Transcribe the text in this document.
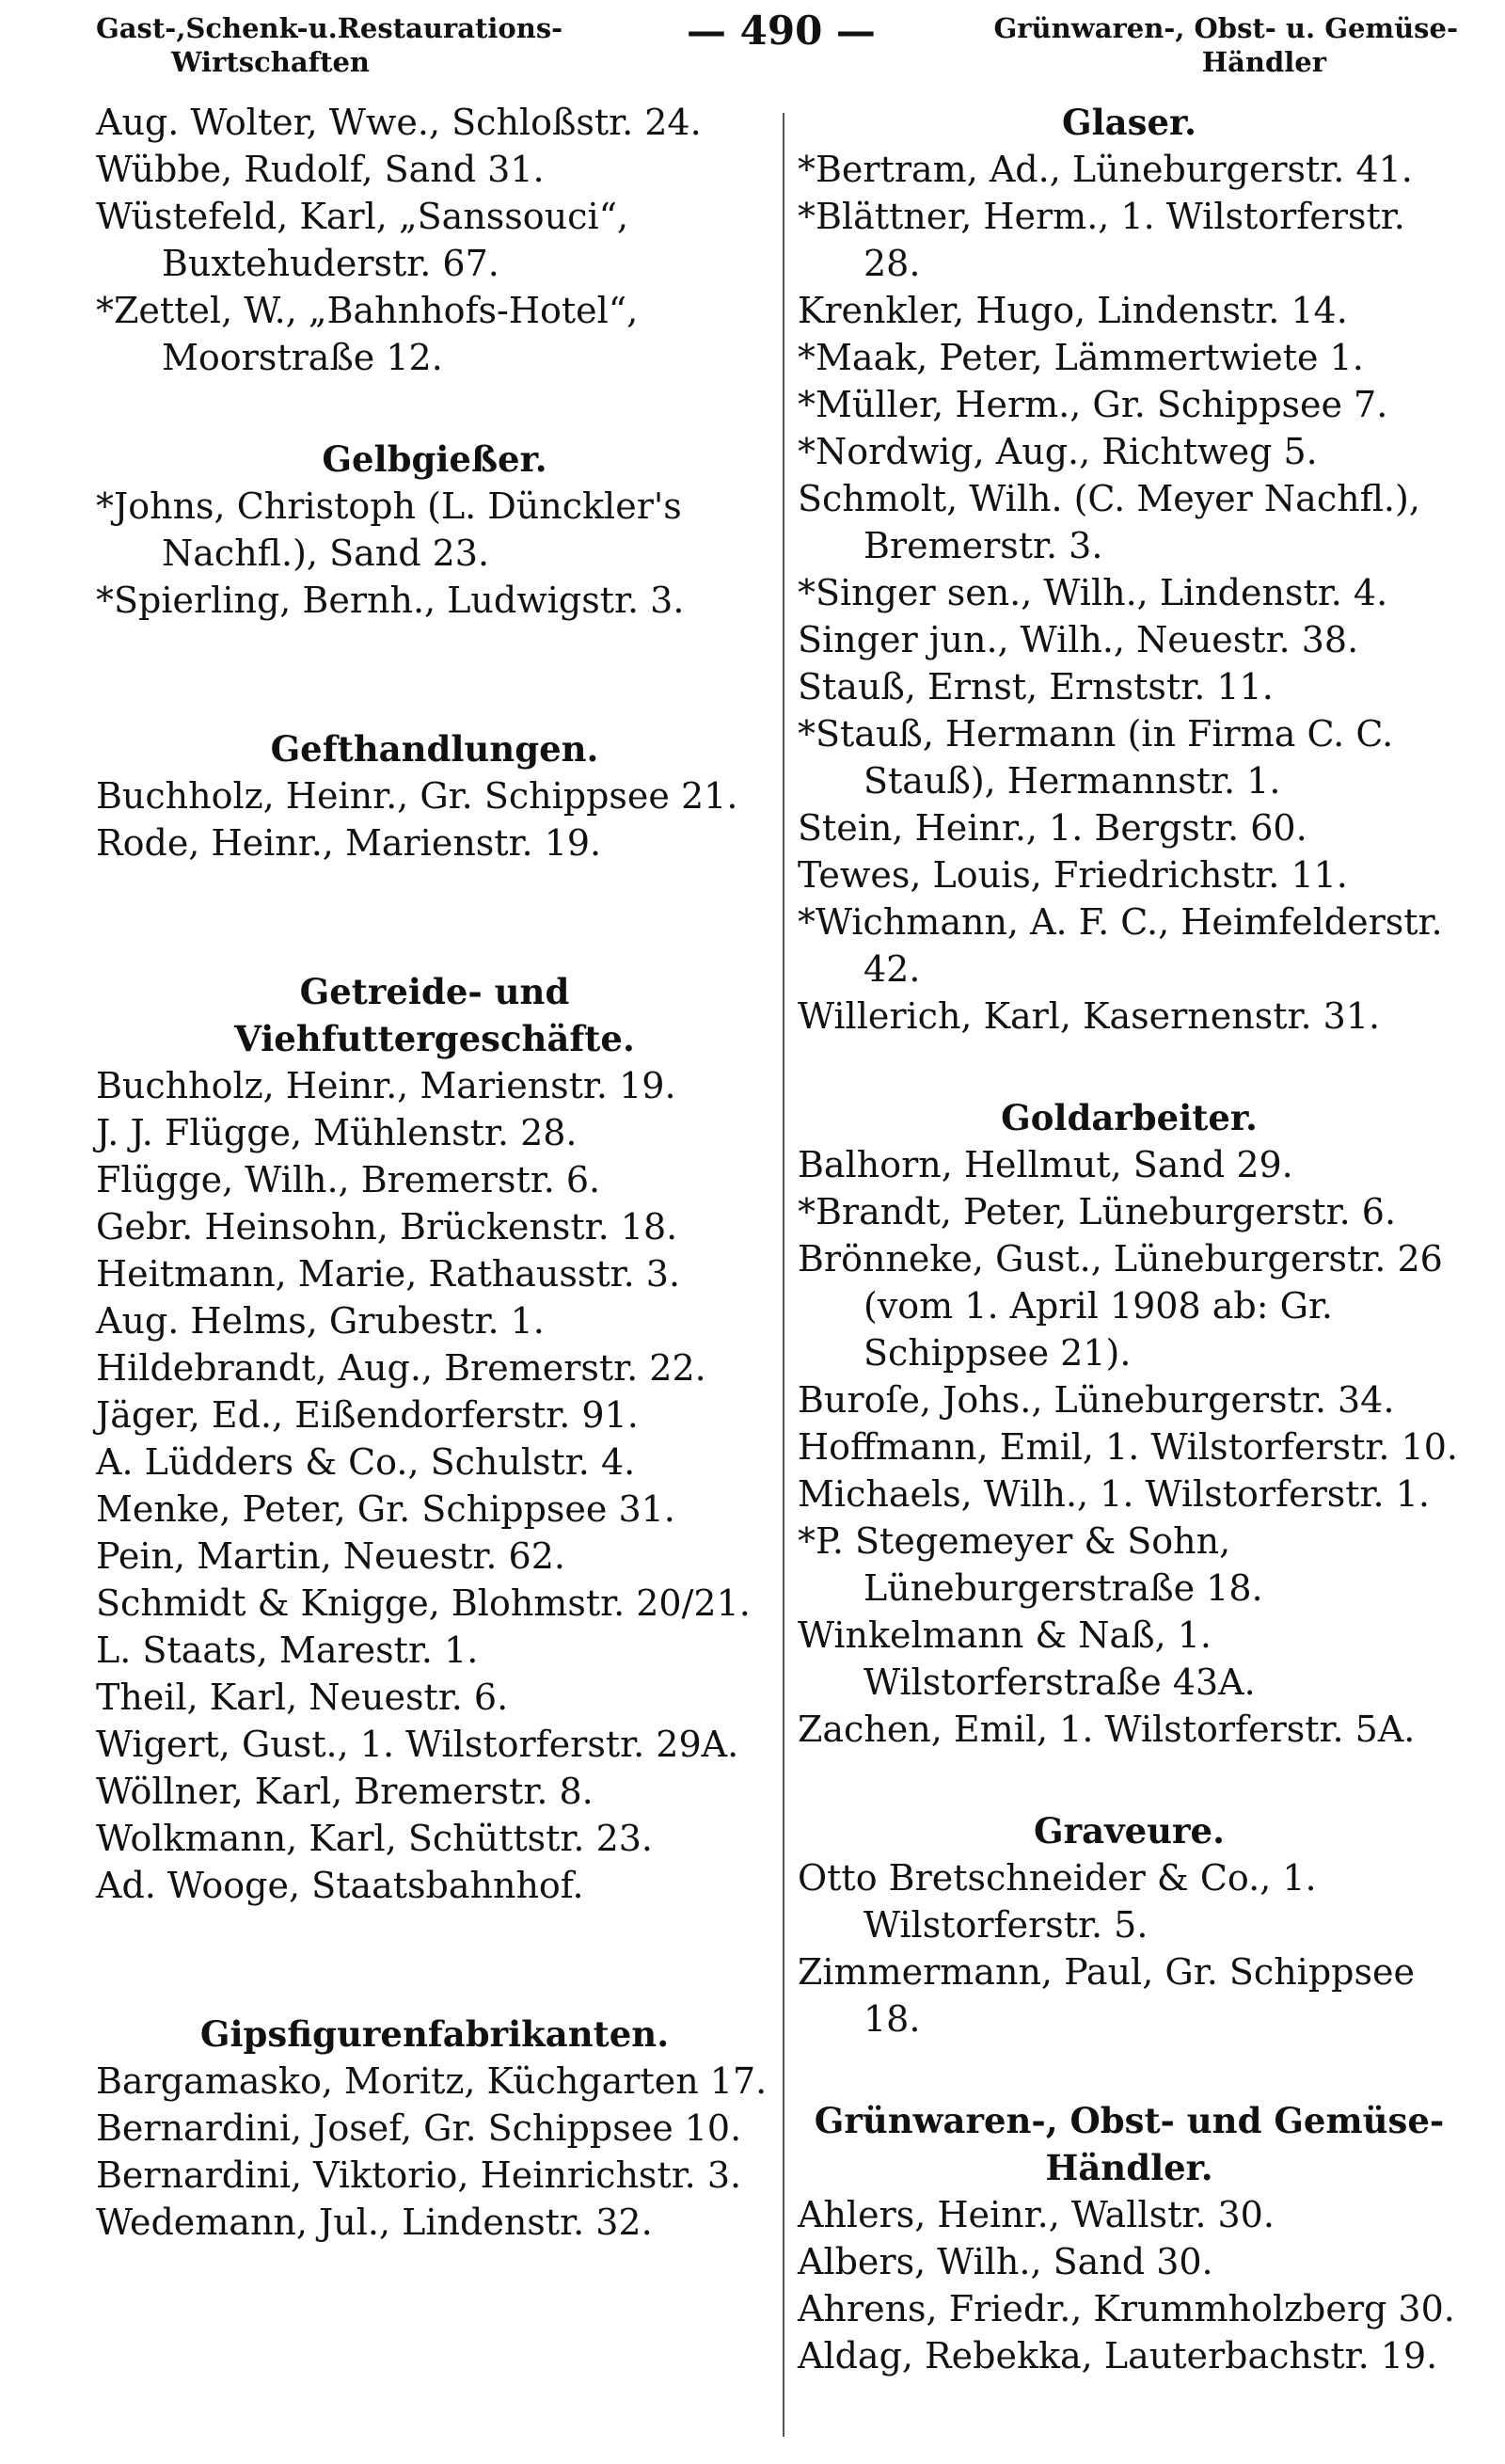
Gast-,Schenk-u.Restaurations-
Wirtschaften
— 490 —	Grünwaren-, Obst- u. Gemüse-
Händler
Aug. Wolter, Wwe., Schloßstr. 24.
Wübbe, Rudolf, Sand 31.
Wüstefeld, Karl, „Sanssouci“, Buxtehuderstr. 67.
*Zettel, W., „Bahnhofs-Hotel“, Moorstraße 12.
Gelbgießer.
*Johns, Christoph (L. Dünckler's Nachfl.), Sand 23.
*Spierling, Bernh., Ludwigstr. 3.
Gefthandlungen.
Buchholz, Heinr., Gr. Schippsee 21.
Rode, Heinr., Marienstr. 19.
Getreide- und Viehfuttergeschäfte.
Buchholz, Heinr., Marienstr. 19.
J. J. Flügge, Mühlenstr. 28.
Flügge, Wilh., Bremerstr. 6.
Gebr. Heinsohn, Brückenstr. 18.
Heitmann, Marie, Rathausstr. 3.
Aug. Helms, Grubestr. 1.
Hildebrandt, Aug., Bremerstr. 22.
Jäger, Ed., Eißendorferstr. 91.
A. Lüdders & Co., Schulstr. 4.
Menke, Peter, Gr. Schippsee 31.
Pein, Martin, Neuestr. 62.
Schmidt & Knigge, Blohmstr. 20/21.
L. Staats, Marestr. 1.
Theil, Karl, Neuestr. 6.
Wigert, Gust., 1. Wilstorferstr. 29A.
Wöllner, Karl, Bremerstr. 8.
Wolkmann, Karl, Schüttstr. 23.
Ad. Wooge, Staatsbahnhof.
Gipsfigurenfabrikanten.
Bargamasko, Moritz, Küchgarten 17.
Bernardini, Josef, Gr. Schippsee 10.
Bernardini, Viktorio, Heinrichstr. 3.
Wedemann, Jul., Lindenstr. 32.
Glaser.
*Bertram, Ad., Lüneburgerstr. 41.
*Blättner, Herm., 1. Wilstorferstr. 28.
Krenkler, Hugo, Lindenstr. 14.
*Maak, Peter, Lämmertwiete 1.
*Müller, Herm., Gr. Schippsee 7.
*Nordwig, Aug., Richtweg 5.
Schmolt, Wilh. (C. Meyer Nachfl.), Bremerstr. 3.
*Singer sen., Wilh., Lindenstr. 4.
Singer jun., Wilh., Neuestr. 38.
Stauß, Ernst, Ernststr. 11.
*Stauß, Hermann (in Firma C. C. Stauß), Hermannstr. 1.
Stein, Heinr., 1. Bergstr. 60.
Tewes, Louis, Friedrichstr. 11.
*Wichmann, A. F. C., Heimfelderstr. 42.
Willerich, Karl, Kasernenstr. 31.
Goldarbeiter.
Balhorn, Hellmut, Sand 29.
*Brandt, Peter, Lüneburgerstr. 6.
Brönneke, Gust., Lüneburgerstr. 26 (vom 1. April 1908 ab: Gr. Schippsee 21).
Buroſe, Johs., Lüneburgerstr. 34.
Hoffmann, Emil, 1. Wilstorferstr. 10.
Michaels, Wilh., 1. Wilstorferstr. 1.
*P. Stegemeyer & Sohn, Lüneburgerstraße 18.
Winkelmann & Naß, 1. Wilstorferstraße 43A.
Zachen, Emil, 1. Wilstorferstr. 5A.
Graveure.
Otto Bretschneider & Co., 1. Wilstorferstr. 5.
Zimmermann, Paul, Gr. Schippsee 18.
Grünwaren-, Obst- und Gemüse-Händler.
Ahlers, Heinr., Wallstr. 30.
Albers, Wilh., Sand 30.
Ahrens, Friedr., Krummholzberg 30.
Aldag, Rebekka, Lauterbachstr. 19.
